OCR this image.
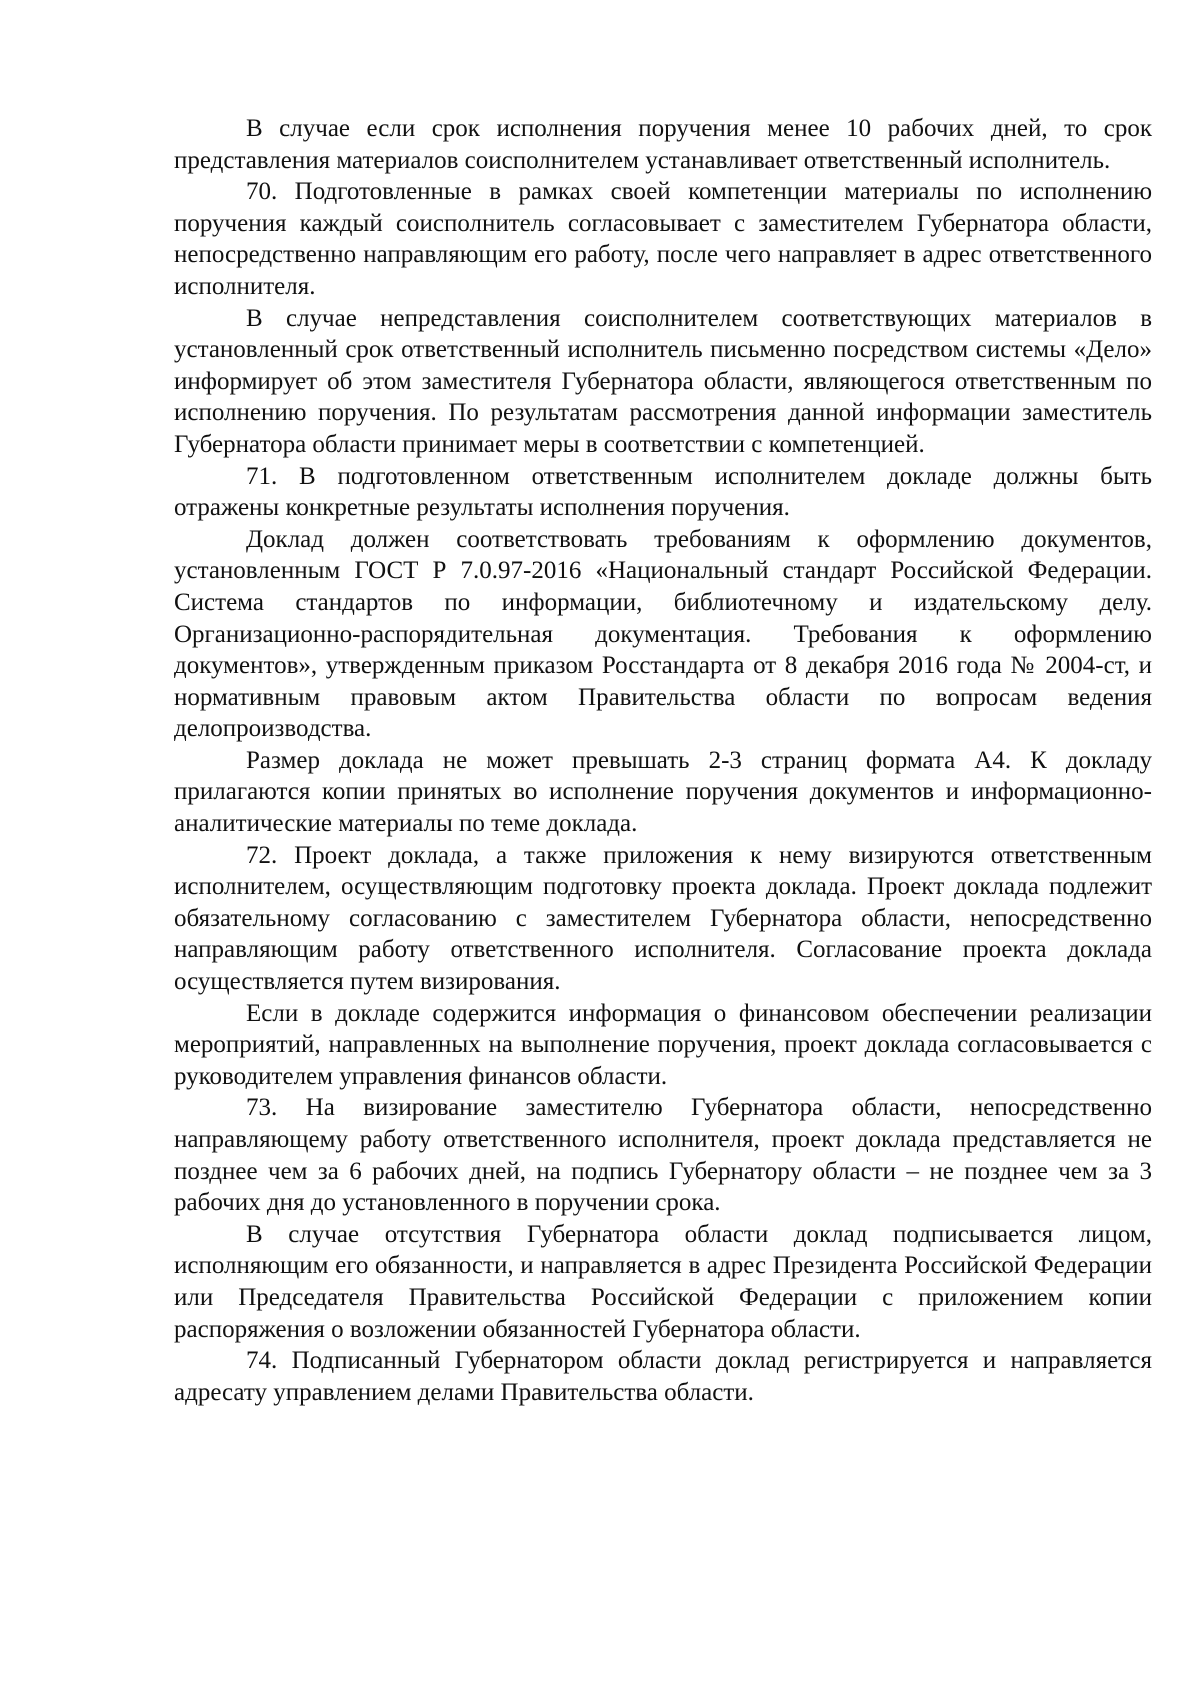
В случае если срок исполнения поручения менее 10 рабочих дней, то срок представления материалов соисполнителем устанавливает ответственный исполнитель.

70. Подготовленные в рамках своей компетенции материалы по исполнению поручения каждый соисполнитель согласовывает с заместителем Губернатора области, непосредственно направляющим его работу, после чего направляет в адрес ответственного исполнителя.

В случае непредставления соисполнителем соответствующих материалов в установленный срок ответственный исполнитель письменно посредством системы «Дело» информирует об этом заместителя Губернатора области, являющегося ответственным по исполнению поручения. По результатам рассмотрения данной информации заместитель Губернатора области принимает меры в соответствии с компетенцией.

71. В подготовленном ответственным исполнителем докладе должны быть отражены конкретные результаты исполнения поручения.

Доклад должен соответствовать требованиям к оформлению документов, установленным ГОСТ Р 7.0.97-2016 «Национальный стандарт Российской Федерации. Система стандартов по информации, библиотечному и издательскому делу. Организационно-распорядительная документация. Требования к оформлению документов», утвержденным приказом Росстандарта от 8 декабря 2016 года № 2004-ст, и нормативным правовым актом Правительства области по вопросам ведения делопроизводства.

Размер доклада не может превышать 2-3 страниц формата А4. К докладу прилагаются копии принятых во исполнение поручения документов и информационно-аналитические материалы по теме доклада.

72. Проект доклада, а также приложения к нему визируются ответственным исполнителем, осуществляющим подготовку проекта доклада. Проект доклада подлежит обязательному согласованию с заместителем Губернатора области, непосредственно направляющим работу ответственного исполнителя. Согласование проекта доклада осуществляется путем визирования.

Если в докладе содержится информация о финансовом обеспечении реализации мероприятий, направленных на выполнение поручения, проект доклада согласовывается с руководителем управления финансов области.

73. На визирование заместителю Губернатора области, непосредственно направляющему работу ответственного исполнителя, проект доклада представляется не позднее чем за 6 рабочих дней, на подпись Губернатору области – не позднее чем за 3 рабочих дня до установленного в поручении срока.

В случае отсутствия Губернатора области доклад подписывается лицом, исполняющим его обязанности, и направляется в адрес Президента Российской Федерации или Председателя Правительства Российской Федерации с приложением копии распоряжения о возложении обязанностей Губернатора области.

74. Подписанный Губернатором области доклад регистрируется и направляется адресату управлением делами Правительства области.
